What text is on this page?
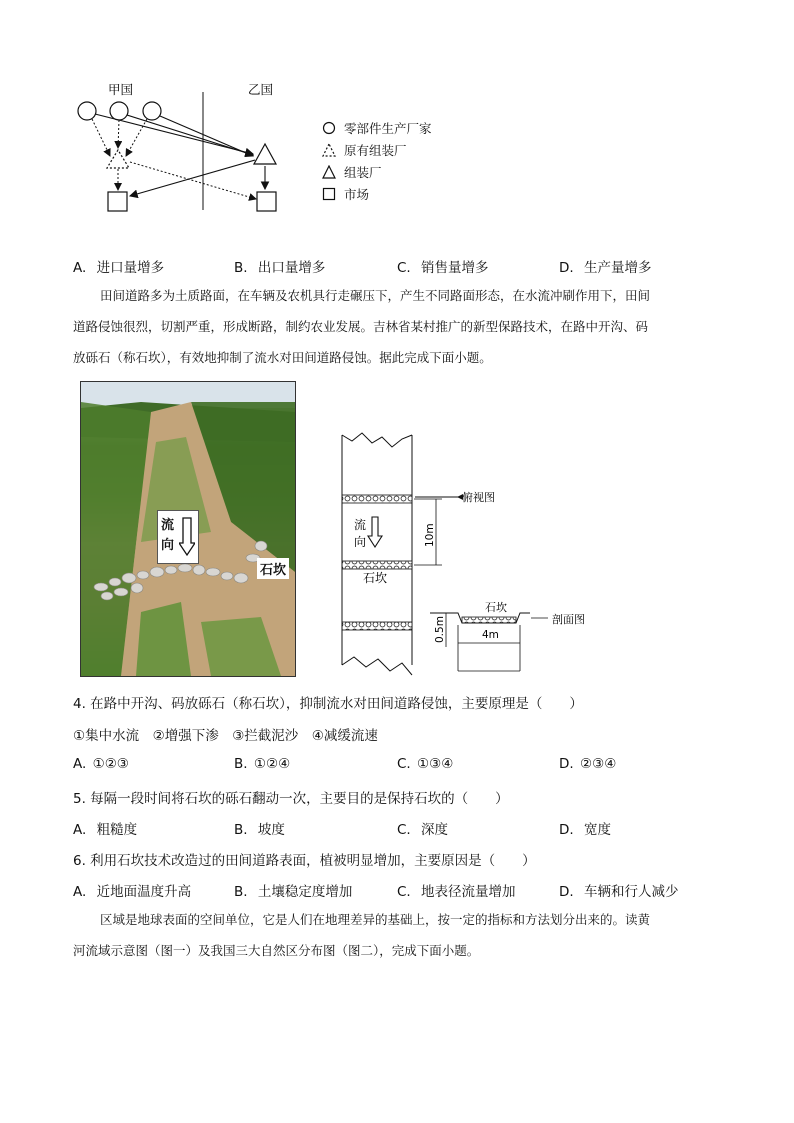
甲国	乙国
零部件生产厂家
原有组装厂
组装厂
市场
A. 进口量增多	B. 出口量增多	C. 销售量增多	D. 生产量增多
田间道路多为土质路面，在车辆及农机具行走碾压下，产生不同路面形态，在水流冲刷作用下，田间
道路侵蚀很烈，切割严重，形成断路，制约农业发展。吉林省某村推广的新型保路技术，在路中开沟、码
放砾石（称石坎），有效地抑制了流水对田间道路侵蚀。据此完成下面小题。
流
向
石坎
俯视图
10m
流
向
石坎
石坎
剖面图
0.5m	4m
4. 在路中开沟、码放砾石（称石坎），抑制流水对田间道路侵蚀，主要原理是（　　）
①集中水流　②增强下渗　③拦截泥沙　④减缓流速
A. ①②③	B. ①②④	C. ①③④	D. ②③④
5. 每隔一段时间将石坎的砾石翻动一次，主要目的是保持石坎的（　　）
A. 粗糙度	B. 坡度	C. 深度	D. 宽度
6. 利用石坎技术改造过的田间道路表面，植被明显增加，主要原因是（　　）
A. 近地面温度升高	B. 土壤稳定度增加	C. 地表径流量增加	D. 车辆和行人减少
区域是地球表面的空间单位，它是人们在地理差异的基础上，按一定的指标和方法划分出来的。读黄
河流域示意图（图一）及我国三大自然区分布图（图二），完成下面小题。
